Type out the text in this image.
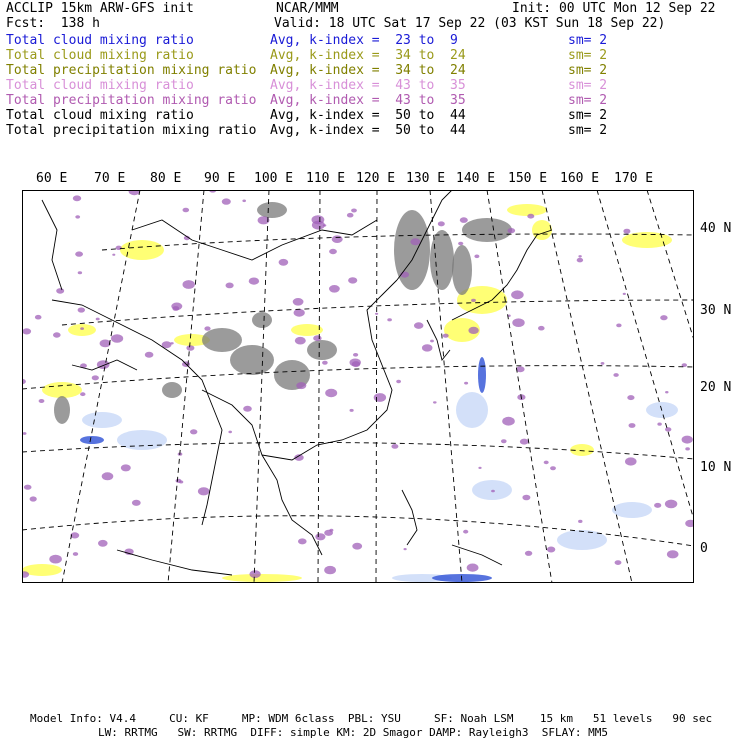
ACCLIP 15km ARW-GFS init	NCAR/MMM	Init: 00 UTC Mon 12 Sep 22
Fcst:  138 h	Valid: 18 UTC Sat 17 Sep 22 (03 KST Sun 18 Sep 22)
Total cloud mixing ratio	Avg, k-index =  23 to  9	sm= 2
Total cloud mixing ratio	Avg, k-index =  34 to  24	sm= 2
Total precipitation mixing ratio Avg, k-index =  34 to  24	sm= 2
Total cloud mixing ratio	Avg, k-index =  43 to  35	sm= 2
Total precipitation mixing ratio Avg, k-index =  43 to  35	sm= 2
Total cloud mixing ratio	Avg, k-index =  50 to  44	sm= 2
Total precipitation mixing ratio Avg, k-index =  50 to  44	sm= 2
60 E 70 E 80 E 90 E 100 E 110 E 120 E 130 E 140 E 150 E 160 E 170 E
40 N
30 N
20 N
10 N
0
Model Info: V4.4     CU: KF     MP: WDM 6class  PBL: YSU     SF: Noah LSM    15 km   51 levels   90 sec
LW: RRTMG   SW: RRTMG  DIFF: simple KM: 2D Smagor DAMP: Rayleigh3  SFLAY: MM5
